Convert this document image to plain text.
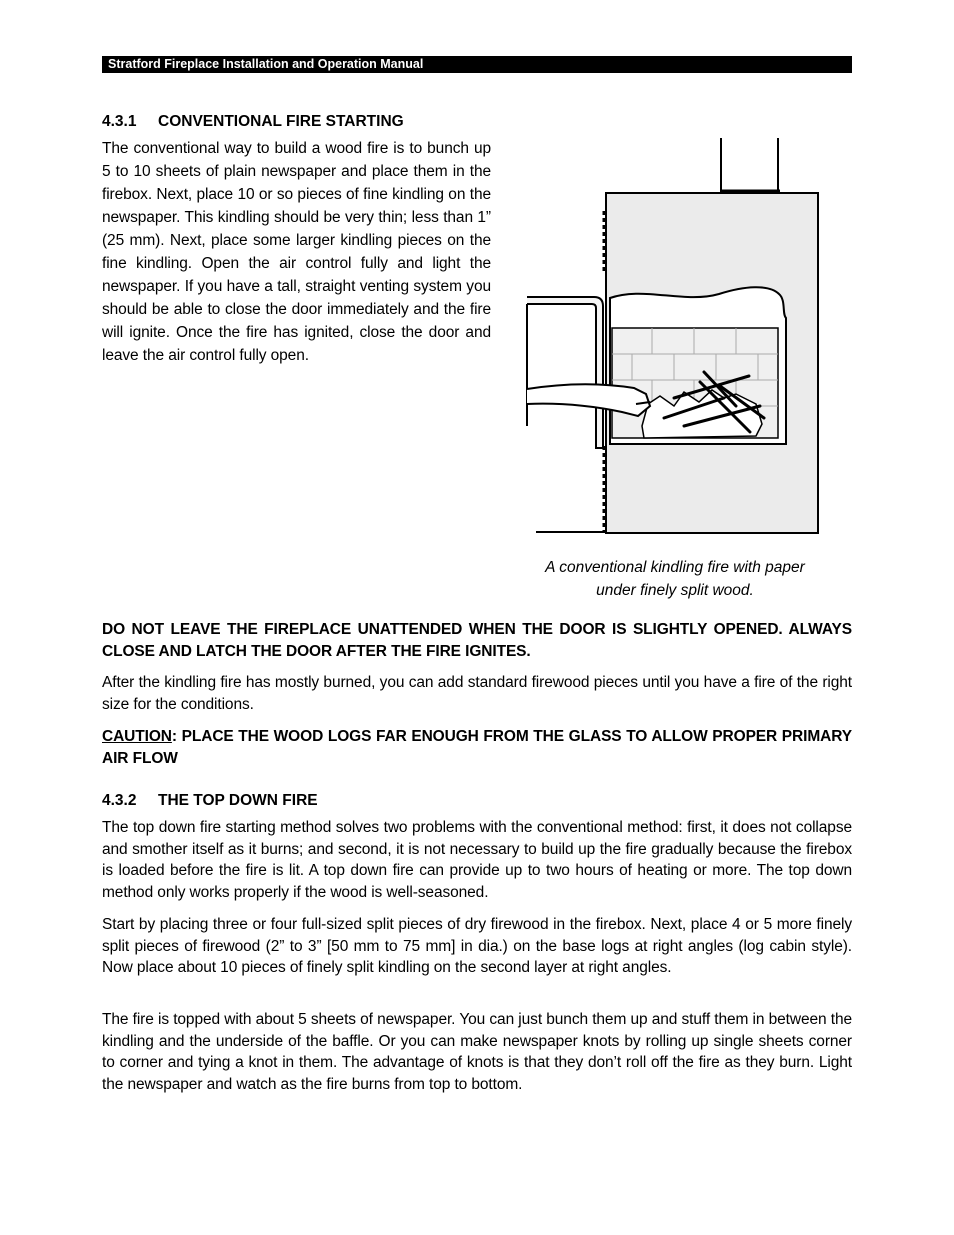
Stratford Fireplace Installation and Operation Manual
4.3.1 CONVENTIONAL FIRE STARTING
The conventional way to build a wood fire is to bunch up 5 to 10 sheets of plain newspaper and place them in the firebox. Next, place 10 or so pieces of fine kindling on the newspaper. This kindling should be very thin; less than 1” (25 mm). Next, place some larger kindling pieces on the fine kindling. Open the air control fully and light the newspaper. If you have a tall, straight venting system you should be able to close the door immediately and the fire will ignite. Once the fire has ignited, close the door and leave the air control fully open.
A conventional kindling fire with paper
under finely split wood.
DO NOT LEAVE THE FIREPLACE UNATTENDED WHEN THE DOOR IS SLIGHTLY OPENED. ALWAYS CLOSE AND LATCH THE DOOR AFTER THE FIRE IGNITES.
After the kindling fire has mostly burned, you can add standard firewood pieces until you have a fire of the right size for the conditions.
CAUTION: PLACE THE WOOD LOGS FAR ENOUGH FROM THE GLASS TO ALLOW PROPER PRIMARY AIR FLOW
4.3.2 THE TOP DOWN FIRE
The top down fire starting method solves two problems with the conventional method: first, it does not collapse and smother itself as it burns; and second, it is not necessary to build up the fire gradually because the firebox is loaded before the fire is lit. A top down fire can provide up to two hours of heating or more. The top down method only works properly if the wood is well-seasoned.
Start by placing three or four full-sized split pieces of dry firewood in the firebox. Next, place 4 or 5 more finely split pieces of firewood (2” to 3” [50 mm to 75 mm] in dia.) on the base logs at right angles (log cabin style). Now place about 10 pieces of finely split kindling on the second layer at right angles.
The fire is topped with about 5 sheets of newspaper. You can just bunch them up and stuff them in between the kindling and the underside of the baffle. Or you can make newspaper knots by rolling up single sheets corner to corner and tying a knot in them. The advantage of knots is that they don’t roll off the fire as they burn. Light the newspaper and watch as the fire burns from top to bottom.
